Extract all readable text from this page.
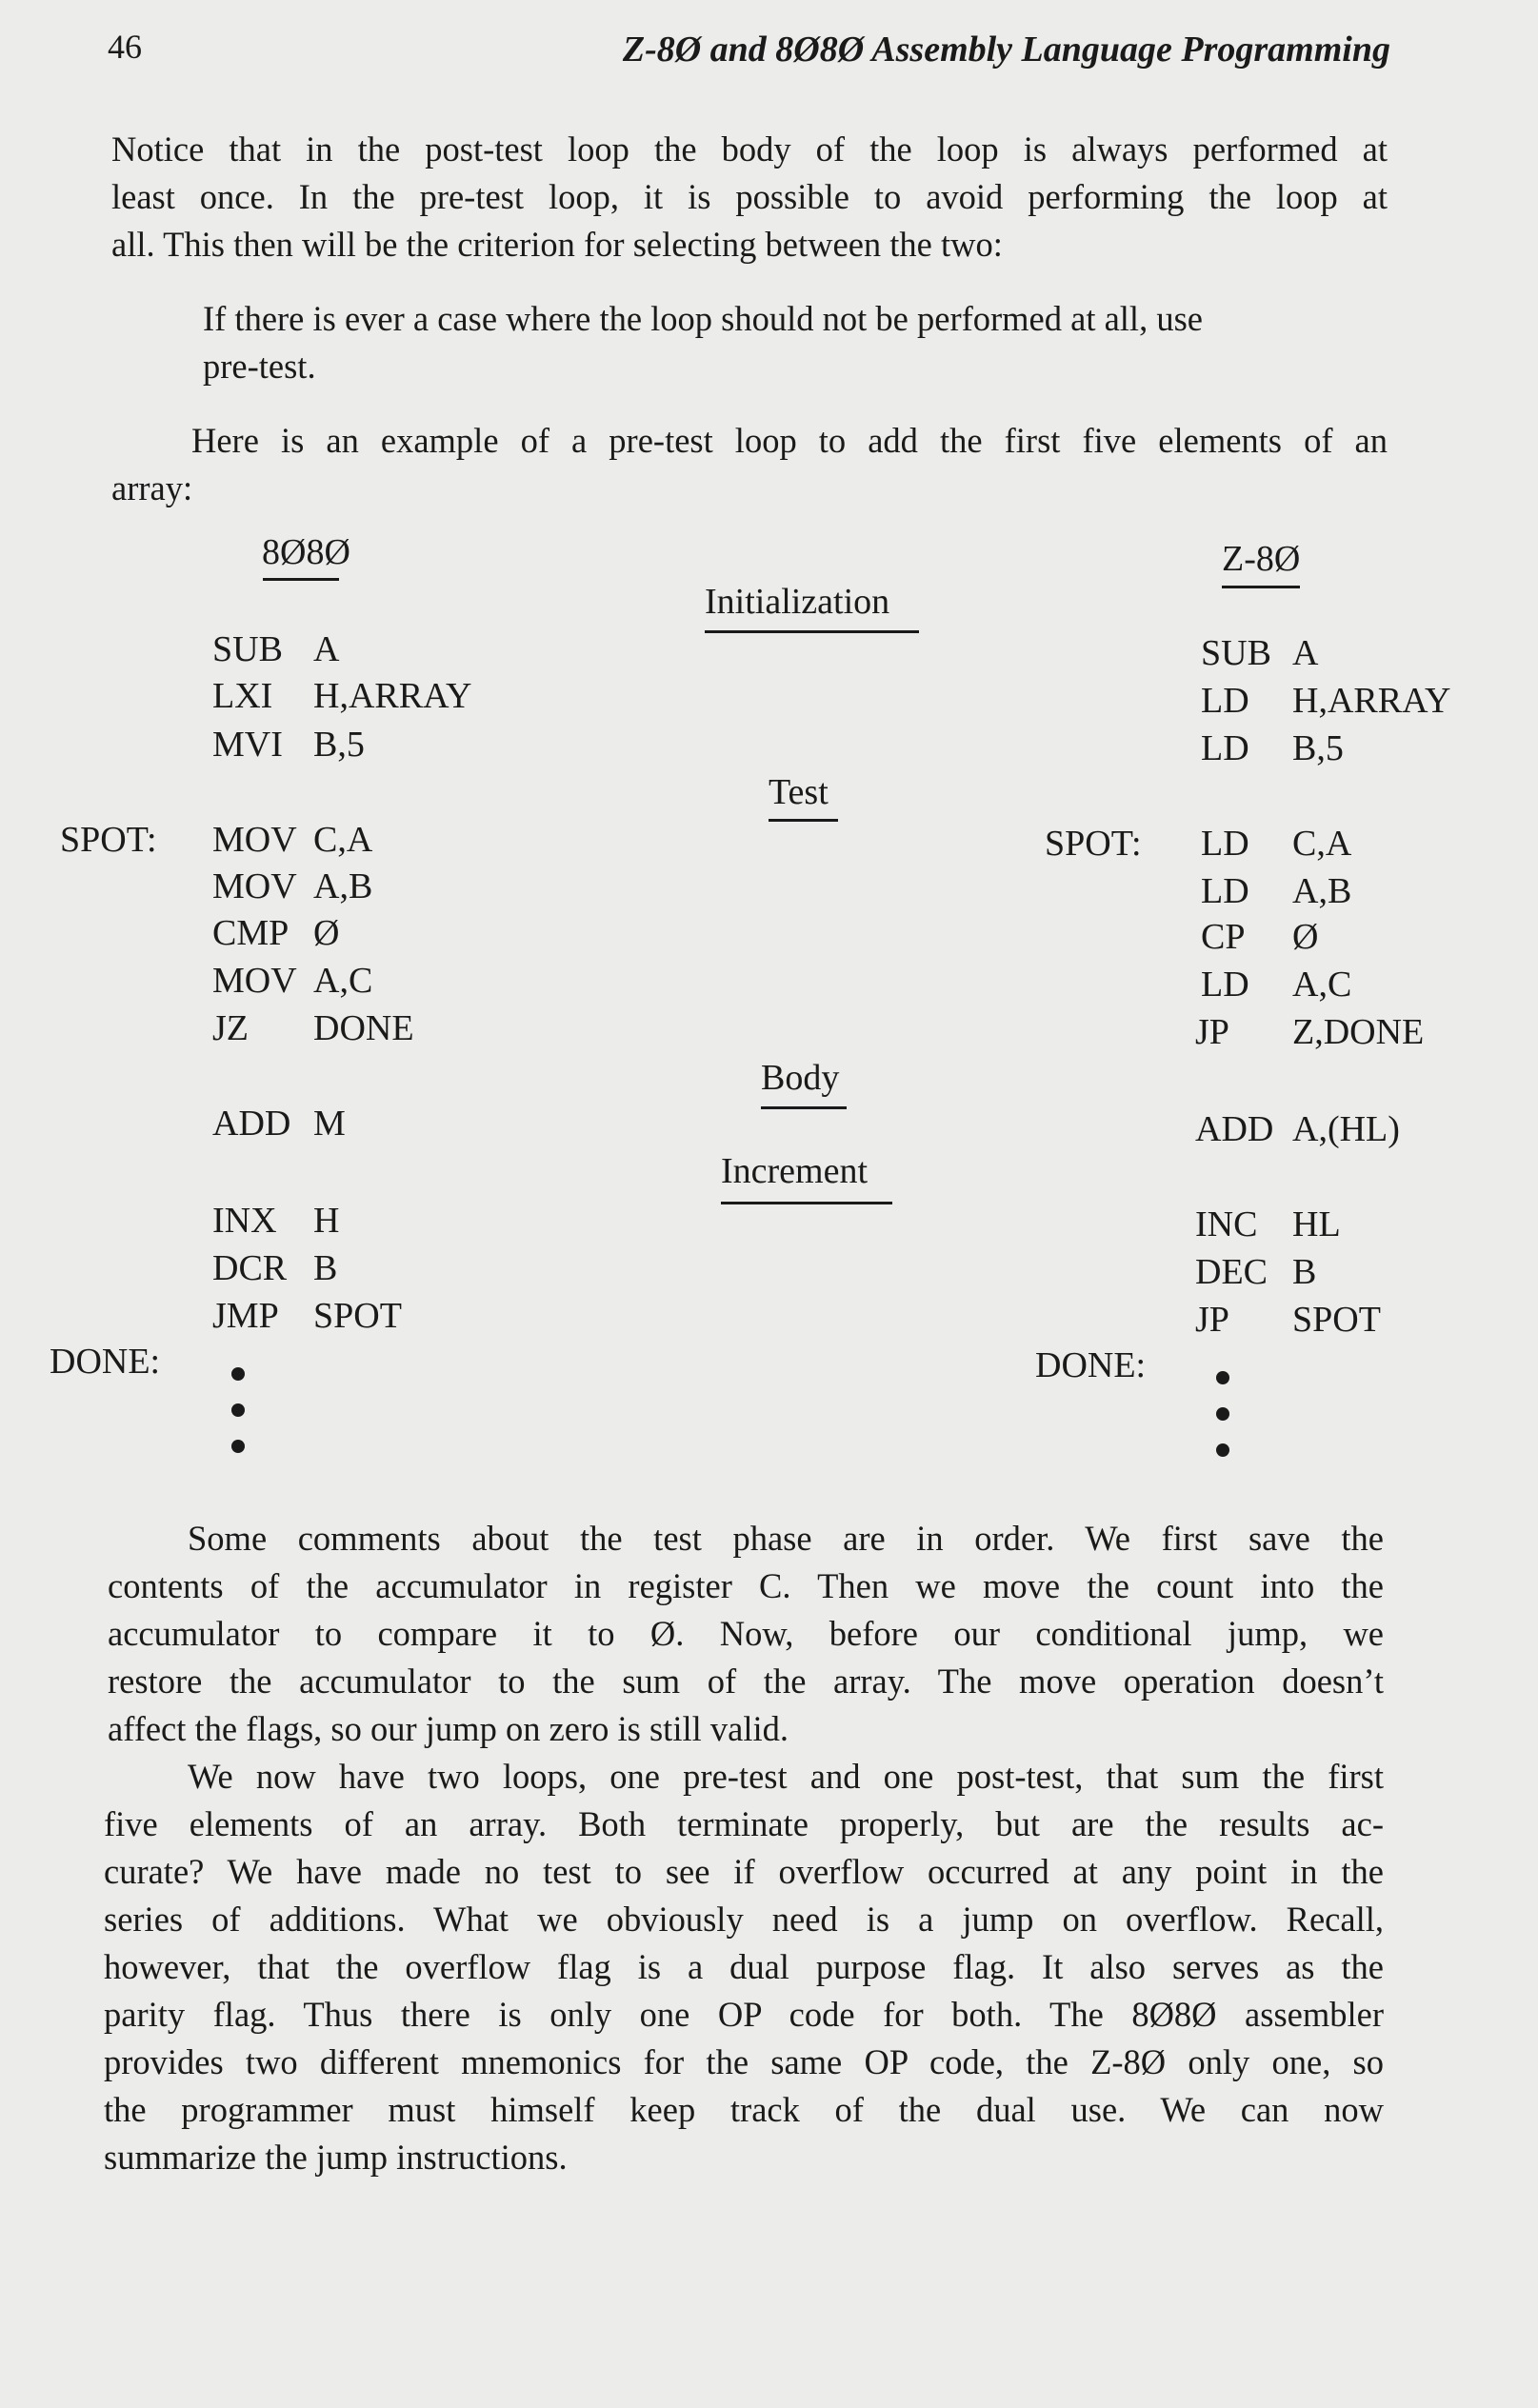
46	Z-8Ø and 8Ø8Ø Assembly Language Programming
Notice that in the post-test loop the body of the loop is always performed at
least once. In the pre-test loop, it is possible to avoid performing the loop at
all. This then will be the criterion for selecting between the two:
If there is ever a case where the loop should not be performed at all, use
pre-test.
Here is an example of a pre-test loop to add the first five elements of an
array:
8Ø8Ø	Z-8Ø
Initialization
Test
Body
Increment
SPOT:
DONE:
SUB A
LXI H,ARRAY
MVI B,5
MOV C,A
MOV A,B
CMP Ø
MOV A,C
JZ DONE
ADD M
INX H
DCR B
JMP SPOT
SPOT:
DONE:
SUB A
LD H,ARRAY
LD B,5
LD C,A
LD A,B
CP Ø
LD A,C
JP Z,DONE
ADD A,(HL)
INC HL
DEC B
JP SPOT
Some comments about the test phase are in order. We first save the
contents of the accumulator in register C. Then we move the count into the
accumulator to compare it to Ø. Now, before our conditional jump, we
restore the accumulator to the sum of the array. The move operation doesn’t
affect the flags, so our jump on zero is still valid.
We now have two loops, one pre-test and one post-test, that sum the first
five elements of an array. Both terminate properly, but are the results ac-
curate? We have made no test to see if overflow occurred at any point in the
series of additions. What we obviously need is a jump on overflow. Recall,
however, that the overflow flag is a dual purpose flag. It also serves as the
parity flag. Thus there is only one OP code for both. The 8Ø8Ø assembler
provides two different mnemonics for the same OP code, the Z-8Ø only one, so
the programmer must himself keep track of the dual use. We can now
summarize the jump instructions.
